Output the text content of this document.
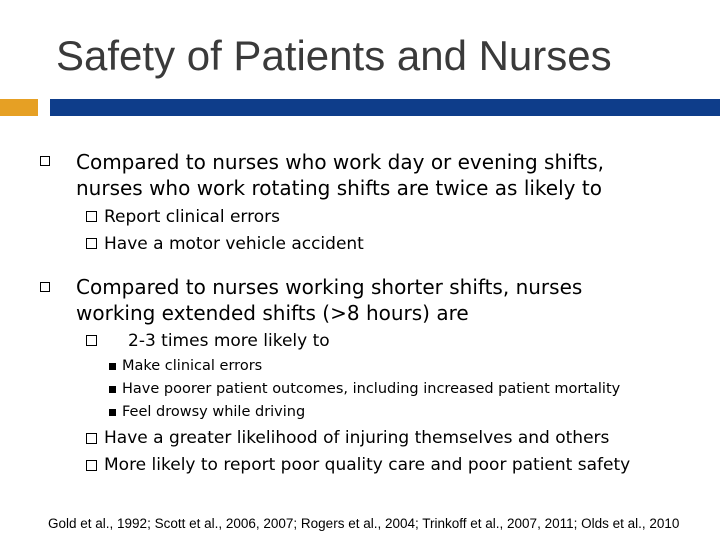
Safety of Patients and Nurses
Compared to nurses who work day or evening shifts,
nurses who work rotating shifts are twice as likely to
Report clinical errors
Have a motor vehicle accident
Compared to nurses working shorter shifts, nurses
working extended shifts (>8 hours) are
2-3 times more likely to
Make clinical errors
Have poorer patient outcomes, including increased patient mortality
Feel drowsy while driving
Have a greater likelihood of injuring themselves and others
More likely to report poor quality care and poor patient safety
Gold et al., 1992; Scott et al., 2006, 2007; Rogers et al., 2004; Trinkoff et al., 2007, 2011; Olds et al., 2010
